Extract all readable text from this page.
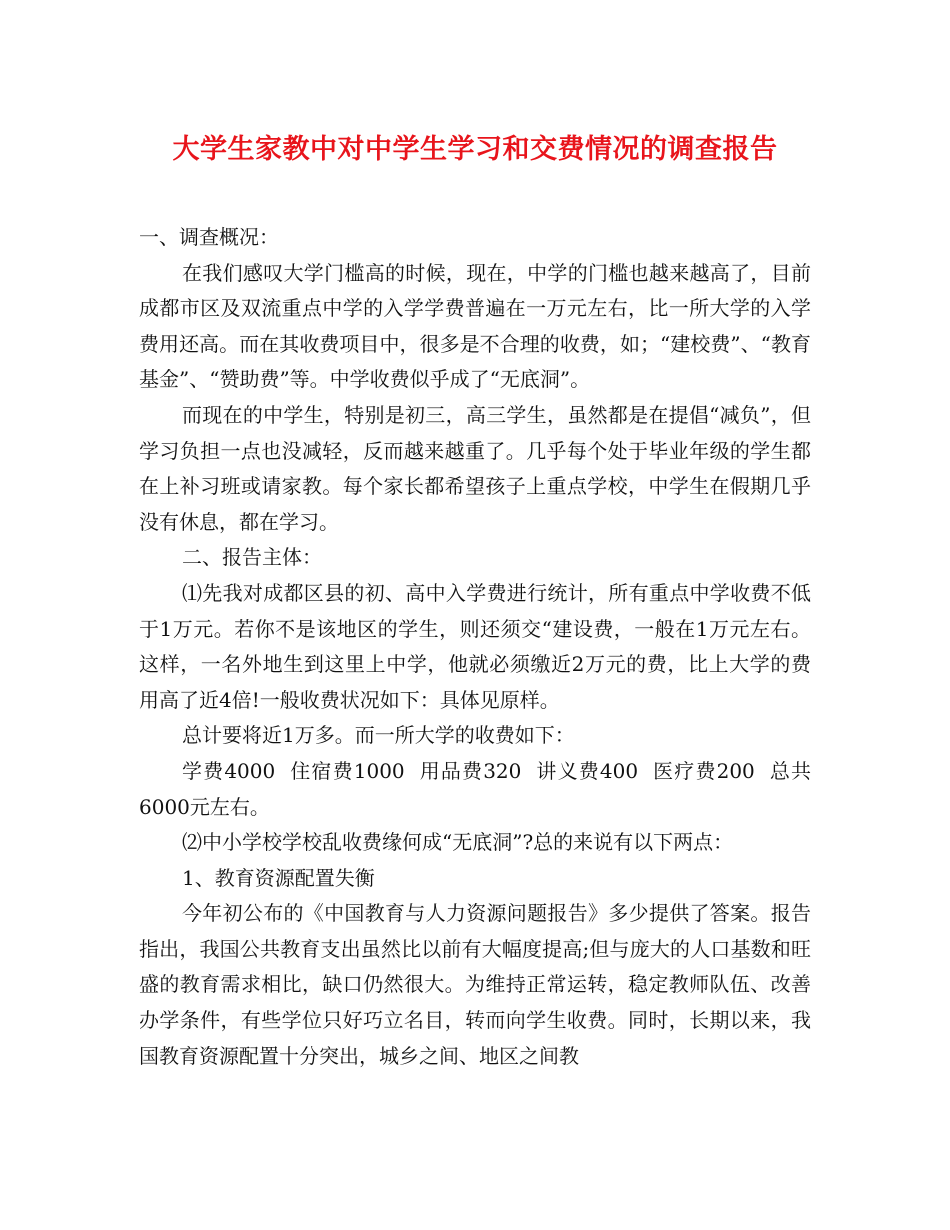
大学生家教中对中学生学习和交费情况的调查报告

一、调查概况：

在我们感叹大学门槛高的时候，现在，中学的门槛也越来越高了，目前成都市区及双流重点中学的入学学费普遍在一万元左右，比一所大学的入学费用还高。而在其收费项目中，很多是不合理的收费，如；“建校费”、“教育基金”、“赞助费”等。中学收费似乎成了“无底洞”。

而现在的中学生，特别是初三，高三学生，虽然都是在提倡“减负”，但学习负担一点也没减轻，反而越来越重了。几乎每个处于毕业年级的学生都在上补习班或请家教。每个家长都希望孩子上重点学校，中学生在假期几乎没有休息，都在学习。

二、报告主体：

⑴先我对成都区县的初、高中入学费进行统计，所有重点中学收费不低于1万元。若你不是该地区的学生，则还须交“建设费，一般在1万元左右。这样，一名外地生到这里上中学，他就必须缴近2万元的费，比上大学的费用高了近4倍!一般收费状况如下：具体见原样。

总计要将近1万多。而一所大学的收费如下：

学费4000  住宿费1000  用品费320  讲义费400  医疗费200  总共6000元左右。

⑵中小学校学校乱收费缘何成“无底洞”?总的来说有以下两点：

1、教育资源配置失衡

今年初公布的《中国教育与人力资源问题报告》多少提供了答案。报告指出，我国公共教育支出虽然比以前有大幅度提高;但与庞大的人口基数和旺盛的教育需求相比，缺口仍然很大。为维持正常运转，稳定教师队伍、改善办学条件，有些学位只好巧立名目，转而向学生收费。同时，长期以来，我国教育资源配置十分突出，城乡之间、地区之间教
